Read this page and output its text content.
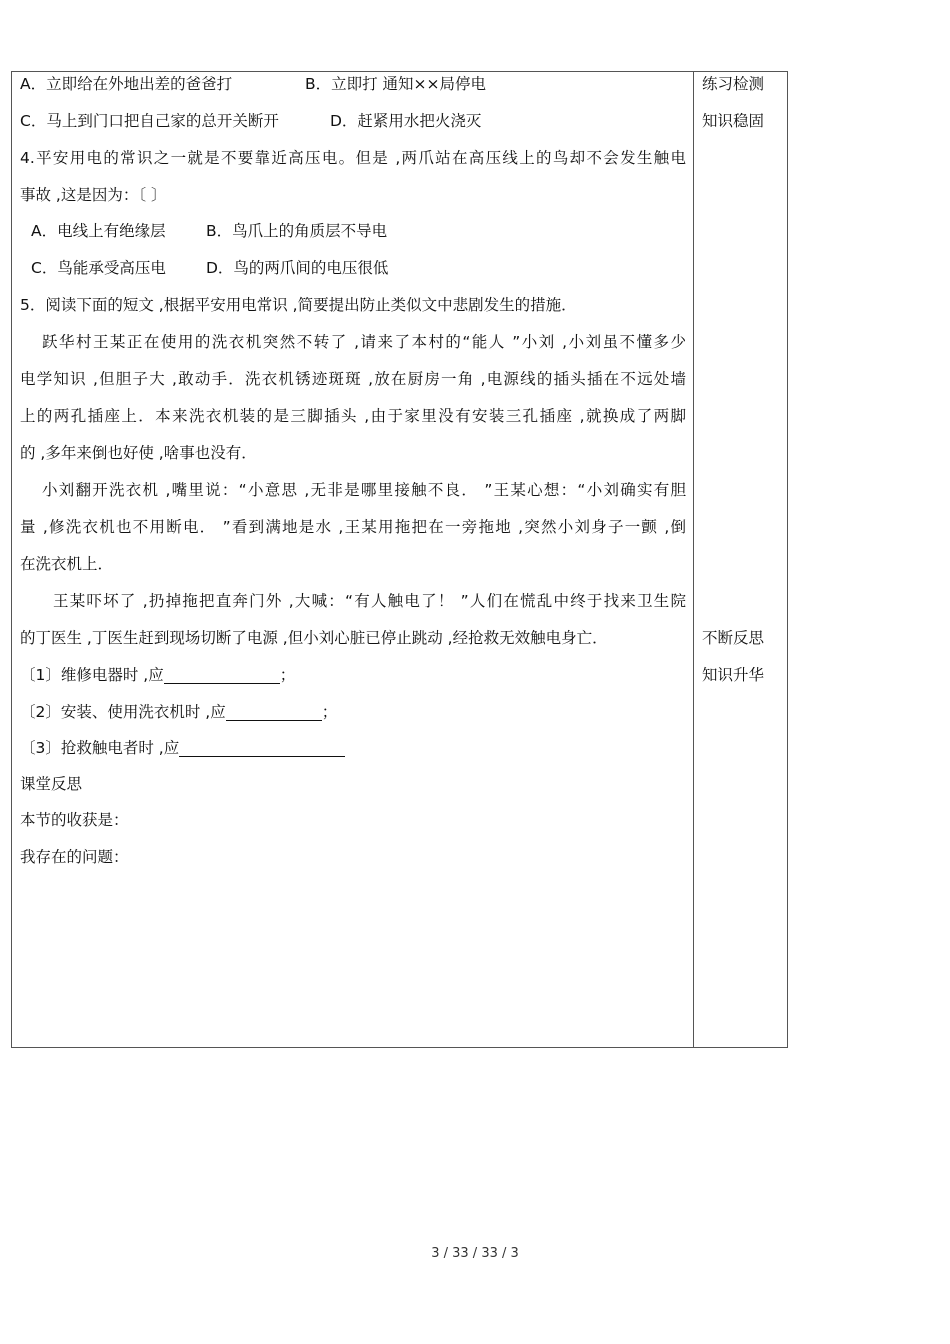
A．立即给在外地出差的爸爸打	B．立即打 通知××局停电
C．马上到门口把自己家的总开关断开	D．赶紧用水把火浇灭
4.平安用电的常识之一就是不要靠近高压电。但是 ,两爪站在高压线上的鸟却不会发生触电
事故 ,这是因为：〔 〕
A．电线上有绝缘层	B．鸟爪上的角质层不导电
C．鸟能承受高压电	D．鸟的两爪间的电压很低
5．阅读下面的短文 ,根据平安用电常识 ,简要提出防止类似文中悲剧发生的措施．
跃华村王某正在使用的洗衣机突然不转了 ,请来了本村的“能人 ”小刘 ,小刘虽不懂多少
电学知识 ,但胆子大 ,敢动手．洗衣机锈迹斑斑 ,放在厨房一角 ,电源线的插头插在不远处墙
上的两孔插座上．本来洗衣机装的是三脚插头 ,由于家里没有安装三孔插座 ,就换成了两脚
的 ,多年来倒也好使 ,啥事也没有．
小刘翻开洗衣机 ,嘴里说：“小意思 ,无非是哪里接触不良． ”王某心想：“小刘确实有胆
量 ,修洗衣机也不用断电． ”看到满地是水 ,王某用拖把在一旁拖地 ,突然小刘身子一颤 ,倒
在洗衣机上．
王某吓坏了 ,扔掉拖把直奔门外 ,大喊：“有人触电了！ ”人们在慌乱中终于找来卫生院
的丁医生 ,丁医生赶到现场切断了电源 ,但小刘心脏已停止跳动 ,经抢救无效触电身亡．
〔1〕维修电器时 ,应	；
〔2〕安装、使用洗衣机时 ,应	；
〔3〕抢救触电者时 ,应
课堂反思
本节的收获是：
我存在的问题：
练习检测
知识稳固
不断反思
知识升华
3 / 33 / 33 / 3
